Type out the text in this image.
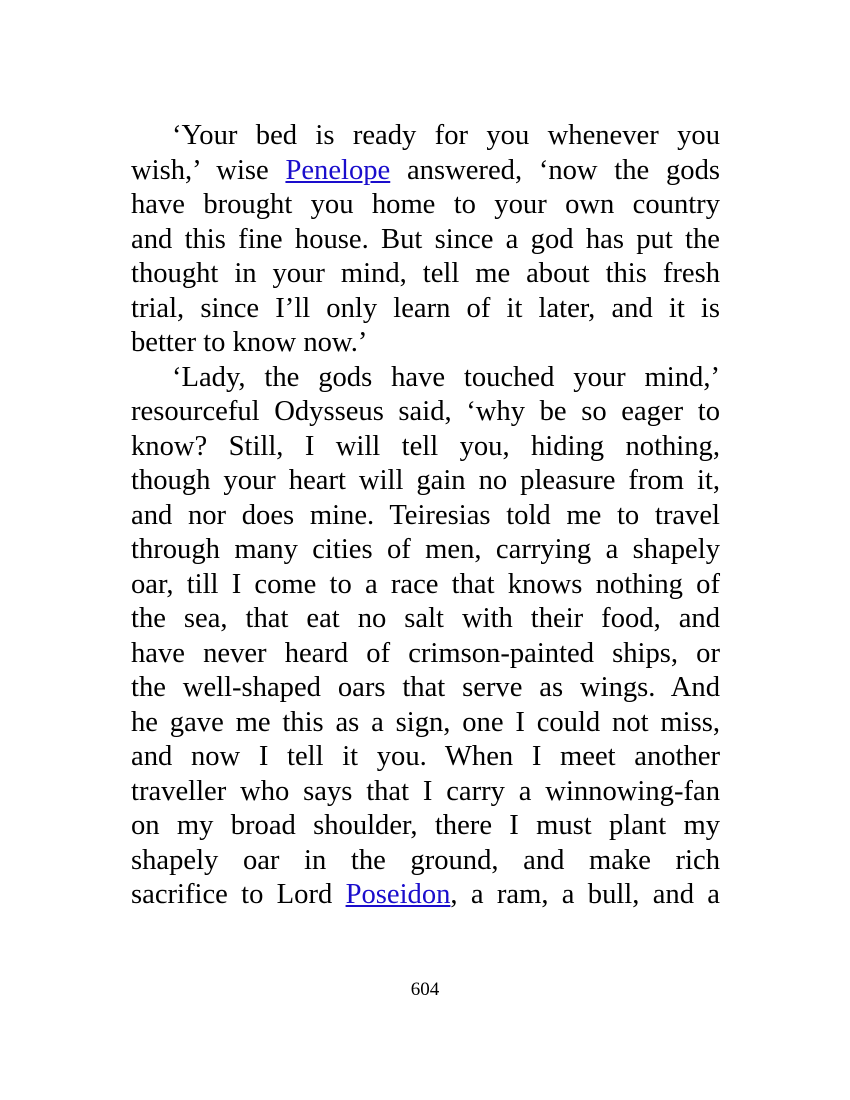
‘Your bed is ready for you whenever you
wish,’ wise Penelope answered, ‘now the gods
have brought you home to your own country
and this fine house. But since a god has put the
thought in your mind, tell me about this fresh
trial, since I’ll only learn of it later, and it is
better to know now.’
‘Lady, the gods have touched your mind,’
resourceful Odysseus said, ‘why be so eager to
know? Still, I will tell you, hiding nothing,
though your heart will gain no pleasure from it,
and nor does mine. Teiresias told me to travel
through many cities of men, carrying a shapely
oar, till I come to a race that knows nothing of
the sea, that eat no salt with their food, and
have never heard of crimson-painted ships, or
the well-shaped oars that serve as wings. And
he gave me this as a sign, one I could not miss,
and now I tell it you. When I meet another
traveller who says that I carry a winnowing-fan
on my broad shoulder, there I must plant my
shapely oar in the ground, and make rich
sacrifice to Lord Poseidon, a ram, a bull, and a
604
